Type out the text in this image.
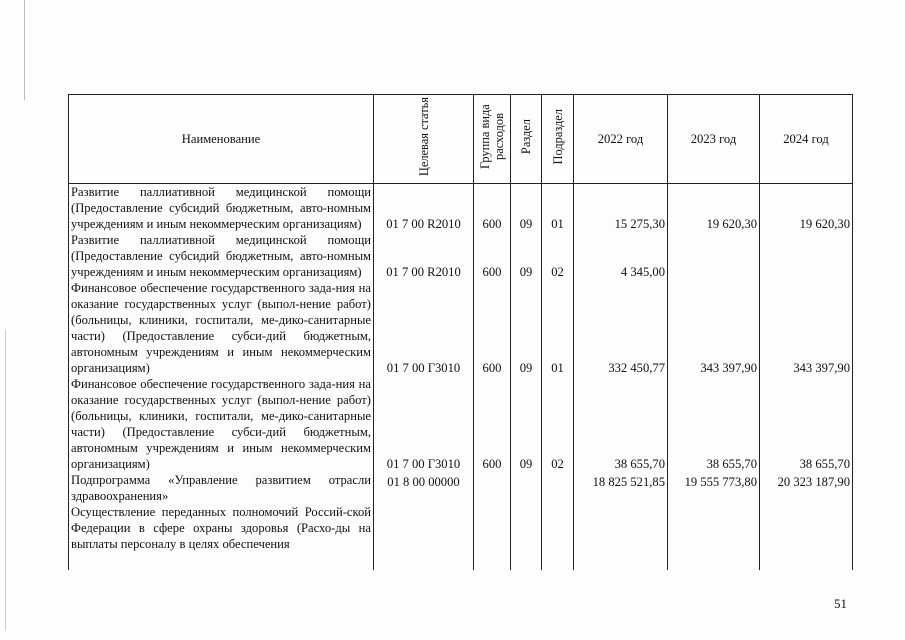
Наименование	Целевая статья	Группа вида расходов	Раздел	Подраздел	2022 год	2023 год	2024 год
Развитие паллиативной медицинской помощи (Предоставление субсидий бюджетным, авто-номным учреждениям и иным некоммерческим организациям)	01 7 00 R2010	600	09	01	15 275,30	19 620,30	19 620,30
Развитие паллиативной медицинской помощи (Предоставление субсидий бюджетным, авто-номным учреждениям и иным некоммерческим организациям)	01 7 00 R2010	600	09	02	4 345,00		
Финансовое обеспечение государственного зада-ния на оказание государственных услуг (выпол-нение работ) (больницы, клиники, госпитали, ме-дико-санитарные части) (Предоставление субси-дий бюджетным, автономным учреждениям и иным некоммерческим организациям)	01 7 00 Г3010	600	09	01	332 450,77	343 397,90	343 397,90
Финансовое обеспечение государственного зада-ния на оказание государственных услуг (выпол-нение работ) (больницы, клиники, госпитали, ме-дико-санитарные части) (Предоставление субси-дий бюджетным, автономным учреждениям и иным некоммерческим организациям)	01 7 00 Г3010	600	09	02	38 655,70	38 655,70	38 655,70
Подпрограмма «Управление развитием отрасли здравоохранения»	01 8 00 00000				18 825 521,85	19 555 773,80	20 323 187,90
Осуществление переданных полномочий Россий-ской Федерации в сфере охраны здоровья (Расхо-ды на выплаты персоналу в целях обеспечения							
51
